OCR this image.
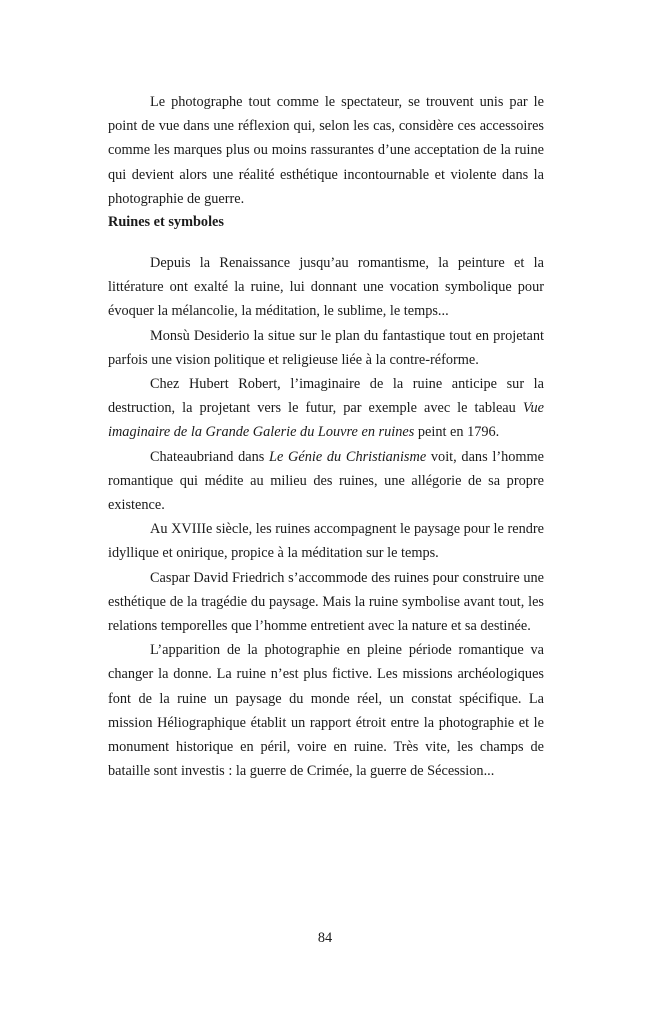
Le photographe tout comme le spectateur, se trouvent unis par le point de vue dans une réflexion qui, selon les cas, considère ces accessoires comme les marques plus ou moins rassurantes d’une acceptation de la ruine qui devient alors une réalité esthétique incontournable et violente dans la photographie de guerre.

Ruines et symboles

Depuis la Renaissance jusqu’au romantisme, la peinture et la littérature ont exalté la ruine, lui donnant une vocation symbolique pour évoquer la mélancolie, la méditation, le sublime, le temps...

Monsù Desiderio la situe sur le plan du fantastique tout en projetant parfois une vision politique et religieuse liée à la contre-réforme.

Chez Hubert Robert, l’imaginaire de la ruine anticipe sur la destruction, la projetant vers le futur, par exemple avec le tableau Vue imaginaire de la Grande Galerie du Louvre en ruines peint en 1796.

Chateaubriand dans Le Génie du Christianisme voit, dans l’homme romantique qui médite au milieu des ruines, une allégorie de sa propre existence.

Au XVIIIe siècle, les ruines accompagnent le paysage pour le rendre idyllique et onirique, propice à la méditation sur le temps.

Caspar David Friedrich s’accommode des ruines pour construire une esthétique de la tragédie du paysage. Mais la ruine symbolise avant tout, les relations temporelles que l’homme entretient avec la nature et sa destinée.

L’apparition de la photographie en pleine période romantique va changer la donne. La ruine n’est plus fictive. Les missions archéologiques font de la ruine un paysage du monde réel, un constat spécifique. La mission Héliographique établit un rapport étroit entre la photographie et le monument historique en péril, voire en ruine. Très vite, les champs de bataille sont investis : la guerre de Crimée, la guerre de Sécession...

84
